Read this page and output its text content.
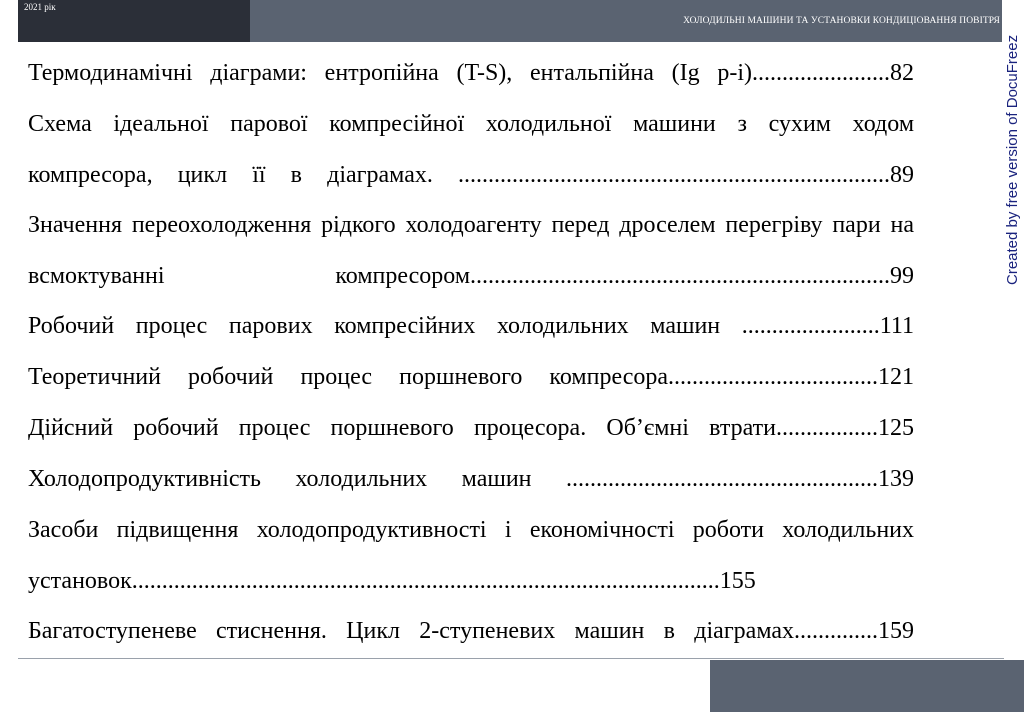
2021 рік
ХОЛОДИЛЬНІ МАШИНИ ТА УСТАНОВКИ КОНДИЦІОВАННЯ ПОВІТРЯ
Created by free version of DocuFreez
Термодинамічні діаграми: ентропійна (T-S), ентальпійна (Ig p-i).......................82
Схема ідеальної парової компресійної холодильної машини з сухим ходом компресора, цикл її в діаграмах. ........................................................................89
Значення переохолодження рідкого холодоагенту перед дроселем перегріву пари на всмоктуванні компресором......................................................................99
Робочий процес парових компресійних холодильних машин .......................111
Теоретичний робочий процес поршневого компресора...................................121
Дійсний робочий процес поршневого процесора. Об’ємні втрати.................125
Холодопродуктивність холодильних машин ....................................................139
Засоби підвищення холодопродуктивності і економічності роботи холодильних установок..................................................................................................155
Багатоступеневе стиснення. Цикл 2-ступеневих машин в діаграмах..............159
